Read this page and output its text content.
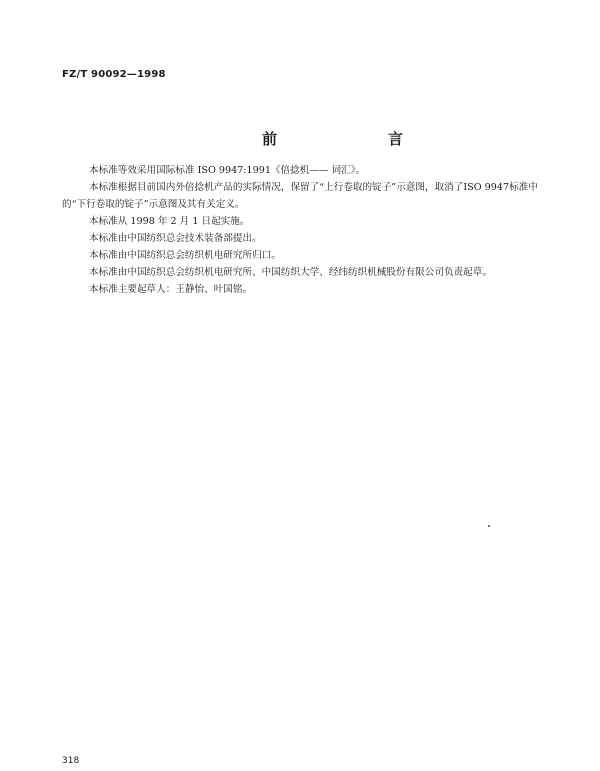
FZ/T 90092—1998
前　言

本标准等效采用国际标准 ISO 9947:1991《倍捻机—— 词汇》。

本标准根据目前国内外倍捻机产品的实际情况，保留了“上行卷取的锭子”示意图，取消了ISO 9947标准中的“下行卷取的锭子”示意图及其有关定义。

本标准从 1998 年 2 月 1 日起实施。

本标准由中国纺织总会技术装备部提出。

本标准由中国纺织总会纺织机电研究所归口。

本标准由中国纺织总会纺织机电研究所、中国纺织大学、经纬纺织机械股份有限公司负责起草。

本标准主要起草人：王静怡、叶国铭。

318
